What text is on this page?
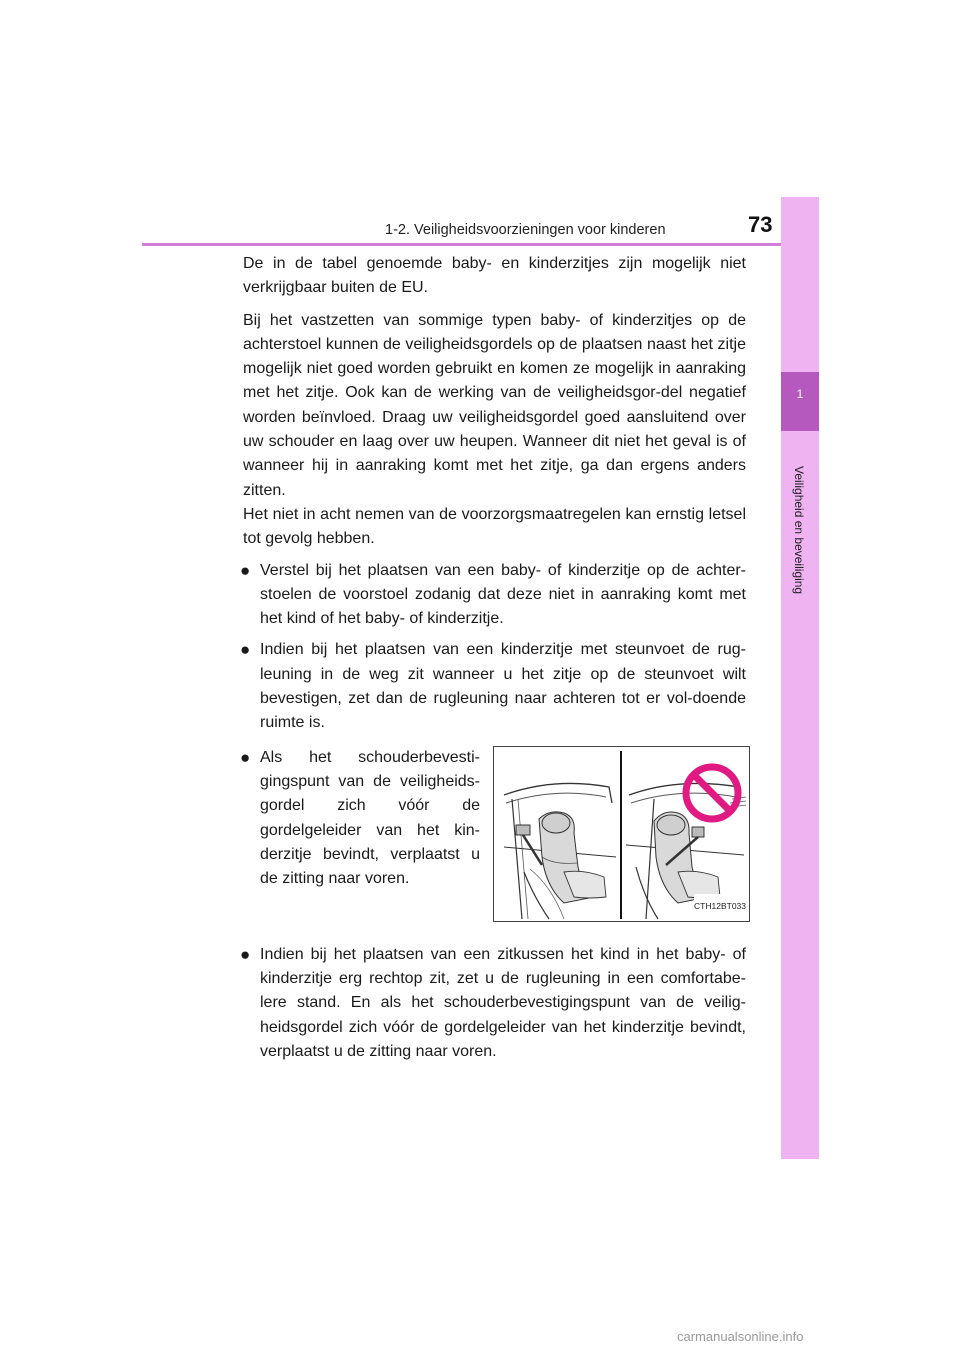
1-2. Veiligheidsvoorzieningen voor kinderen	73
1
Veiligheid en beveiliging

De in de tabel genoemde baby- en kinderzitjes zijn mogelijk niet verkrijgbaar buiten de EU.

Bij het vastzetten van sommige typen baby- of kinderzitjes op de achterstoel kunnen de veiligheidsgordels op de plaatsen naast het zitje mogelijk niet goed worden gebruikt en komen ze mogelijk in aanraking met het zitje. Ook kan de werking van de veiligheidsgor-del negatief worden beïnvloed. Draag uw veiligheidsgordel goed aansluitend over uw schouder en laag over uw heupen. Wanneer dit niet het geval is of wanneer hij in aanraking komt met het zitje, ga dan ergens anders zitten.

Het niet in acht nemen van de voorzorgsmaatregelen kan ernstig letsel tot gevolg hebben.

● Verstel bij het plaatsen van een baby- of kinderzitje op de achter-stoelen de voorstoel zodanig dat deze niet in aanraking komt met het kind of het baby- of kinderzitje.
● Indien bij het plaatsen van een kinderzitje met steunvoet de rug-leuning in de weg zit wanneer u het zitje op de steunvoet wilt bevestigen, zet dan de rugleuning naar achteren tot er vol-doende ruimte is.
● Als het schouderbevesti-gingspunt van de veiligheids-gordel zich vóór de gordelgeleider van het kin-derzitje bevindt, verplaatst u de zitting naar voren.
CTH12BT033
● Indien bij het plaatsen van een zitkussen het kind in het baby- of kinderzitje erg rechtop zit, zet u de rugleuning in een comfortabe-lere stand. En als het schouderbevestigingspunt van de veilig-heidsgordel zich vóór de gordelgeleider van het kinderzitje bevindt, verplaatst u de zitting naar voren.
carmanualsonline.info
